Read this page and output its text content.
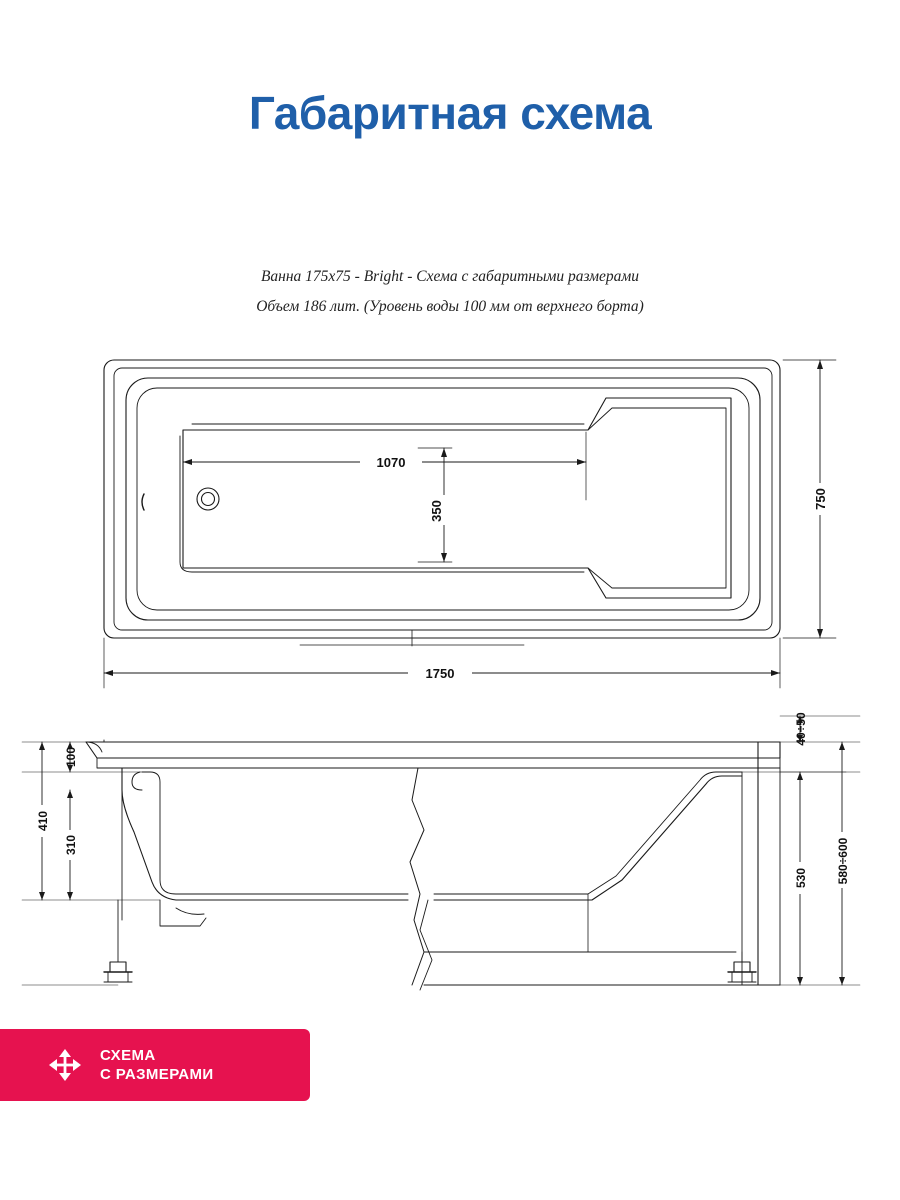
Габаритная схема
Ванна 175х75 - Bright - Схема с габаритными размерами
Объем 186 лит. (Уровень воды 100 мм от верхнего борта)
1070
350
750
1750
100
310
410
40÷50
530 580÷600
СХЕМА
С РАЗМЕРАМИ
